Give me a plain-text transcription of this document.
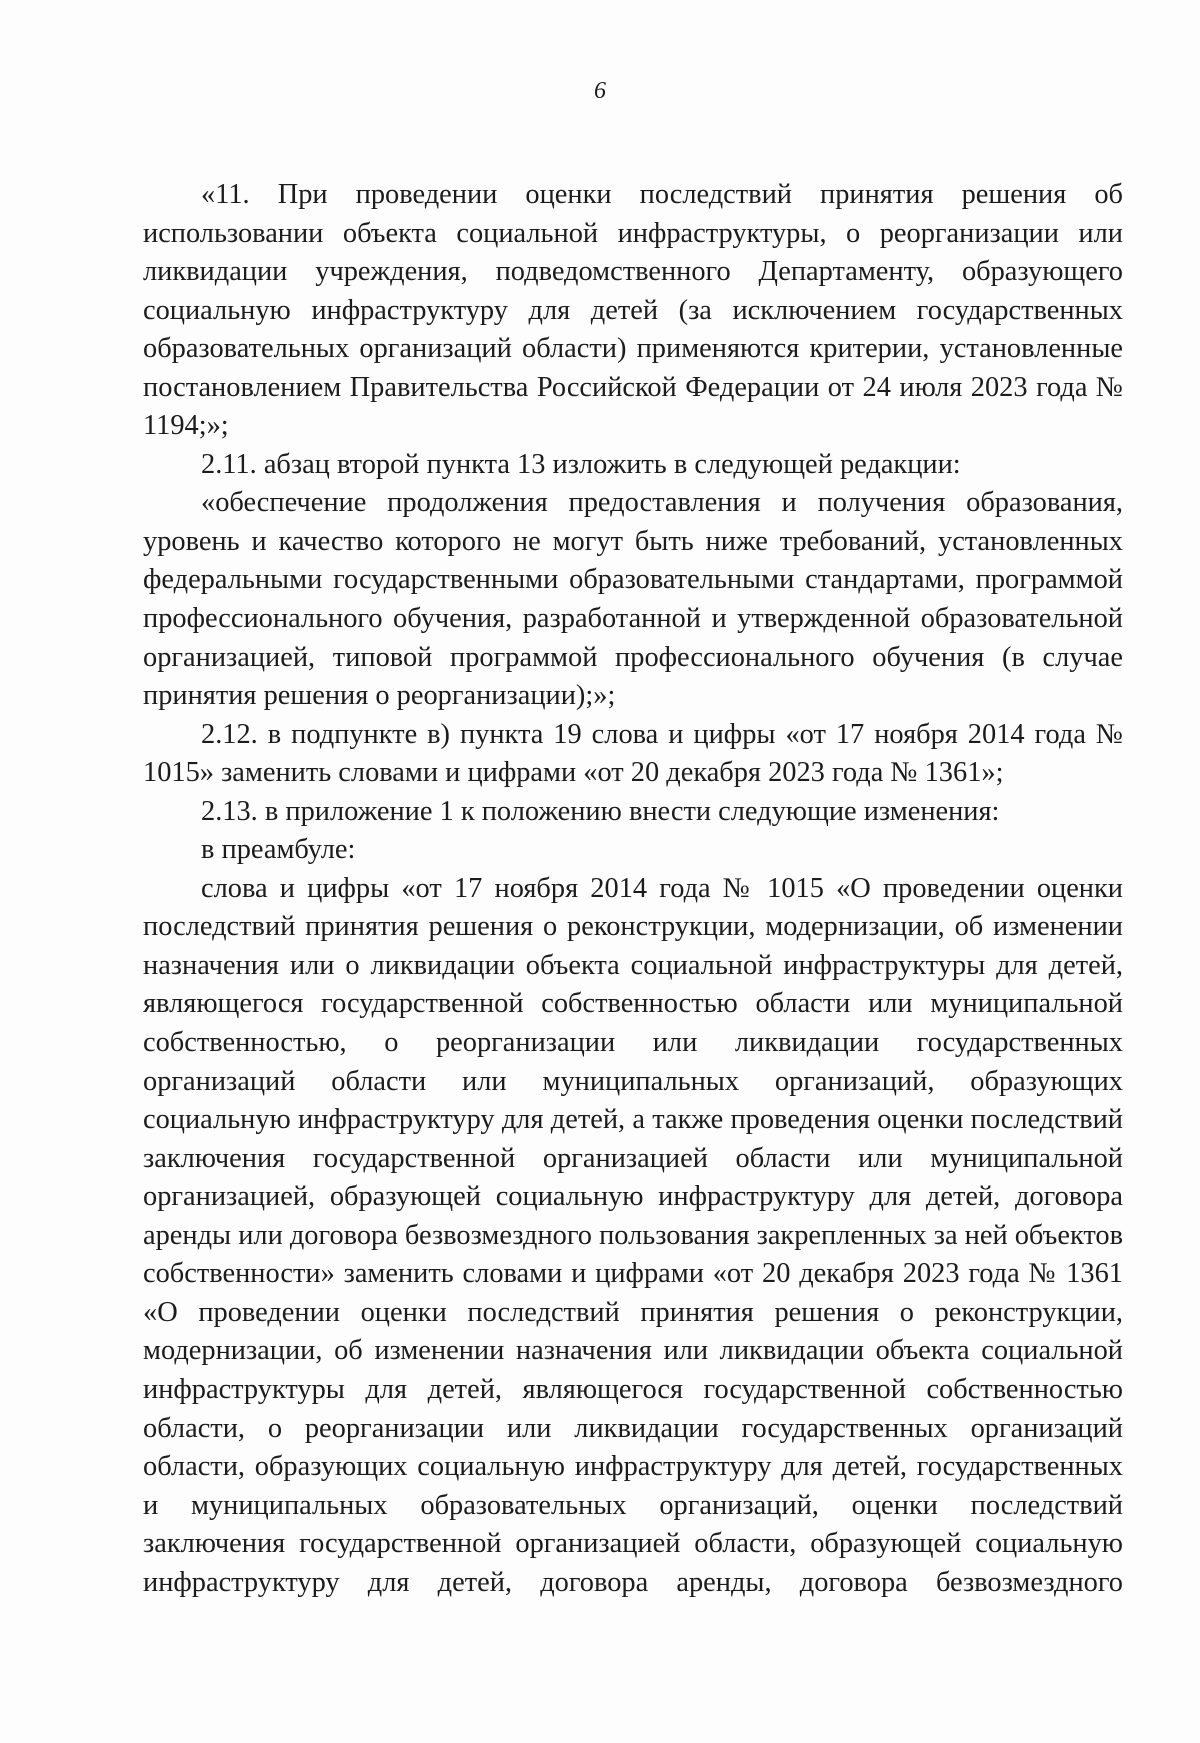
6

«11. При проведении оценки последствий принятия решения об использовании объекта социальной инфраструктуры, о реорганизации или ликвидации учреждения, подведомственного Департаменту, образующего социальную инфраструктуру для детей (за исключением государственных образовательных организаций области) применяются критерии, установленные постановлением Правительства Российской Федерации от 24 июля 2023 года № 1194;»;

2.11. абзац второй пункта 13 изложить в следующей редакции:

«обеспечение продолжения предоставления и получения образования, уровень и качество которого не могут быть ниже требований, установленных федеральными государственными образовательными стандартами, программой профессионального обучения, разработанной и утвержденной образовательной организацией, типовой программой профессионального обучения (в случае принятия решения о реорганизации);»;

2.12. в подпункте в) пункта 19 слова и цифры «от 17 ноября 2014 года № 1015» заменить словами и цифрами «от 20 декабря 2023 года № 1361»;

2.13. в приложение 1 к положению внести следующие изменения:

в преамбуле:

слова и цифры «от 17 ноября 2014 года № 1015 «О проведении оценки последствий принятия решения о реконструкции, модернизации, об изменении назначения или о ликвидации объекта социальной инфраструктуры для детей, являющегося государственной собственностью области или муниципальной собственностью, о реорганизации или ликвидации государственных организаций области или муниципальных организаций, образующих социальную инфраструктуру для детей, а также проведения оценки последствий заключения государственной организацией области или муниципальной организацией, образующей социальную инфраструктуру для детей, договора аренды или договора безвозмездного пользования закрепленных за ней объектов собственности» заменить словами и цифрами «от 20 декабря 2023 года № 1361 «О проведении оценки последствий принятия решения о реконструкции, модернизации, об изменении назначения или ликвидации объекта социальной инфраструктуры для детей, являющегося государственной собственностью области, о реорганизации или ликвидации государственных организаций области, образующих социальную инфраструктуру для детей, государственных и муниципальных образовательных организаций, оценки последствий заключения государственной организацией области, образующей социальную инфраструктуру для детей, договора аренды, договора безвозмездного
